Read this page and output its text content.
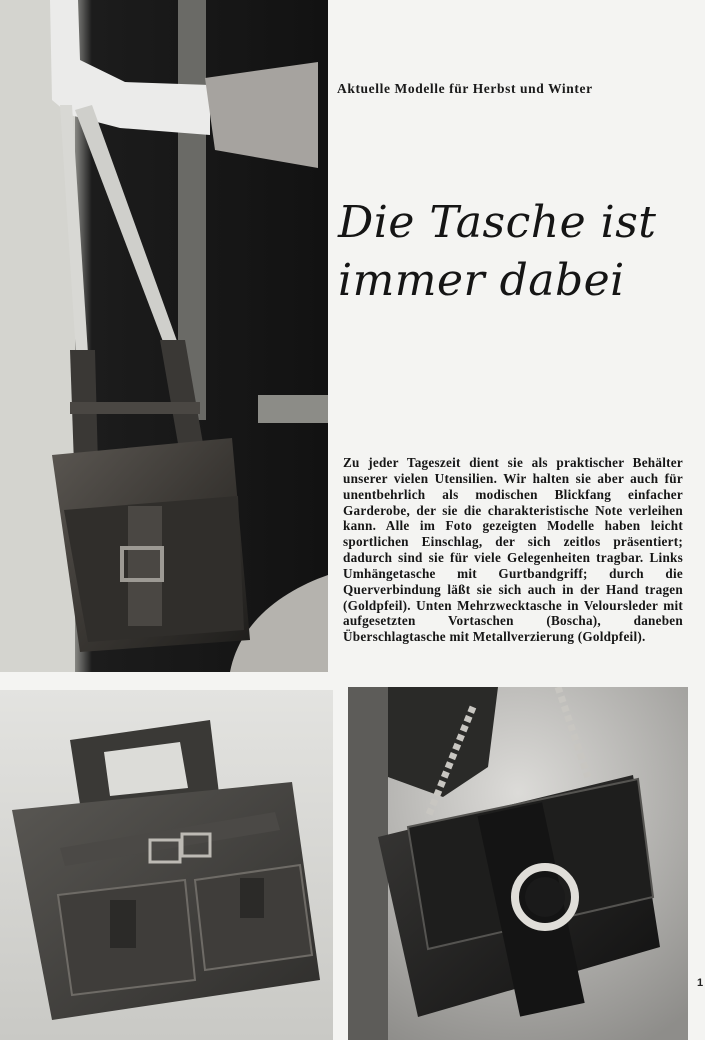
Aktuelle Modelle für Herbst und Winter
Die Tasche ist
immer dabei
Zu jeder Tageszeit dient sie als praktischer Behälter unserer vielen Utensilien. Wir halten sie aber auch für unentbehrlich als modischen Blickfang einfacher Garderobe, der sie die charakteristische Note verleihen kann. Alle im Foto gezeigten Modelle haben leicht sportlichen Einschlag, der sich zeitlos präsentiert; dadurch sind sie für viele Gelegenheiten tragbar. Links Umhängetasche mit Gurtbandgriff; durch die Querverbindung läßt sie sich auch in der Hand tragen (Goldpfeil). Unten Mehrzwecktasche in Veloursleder mit aufgesetzten Vortaschen (Boscha), daneben Überschlagtasche mit Metallverzierung (Goldpfeil).
1
